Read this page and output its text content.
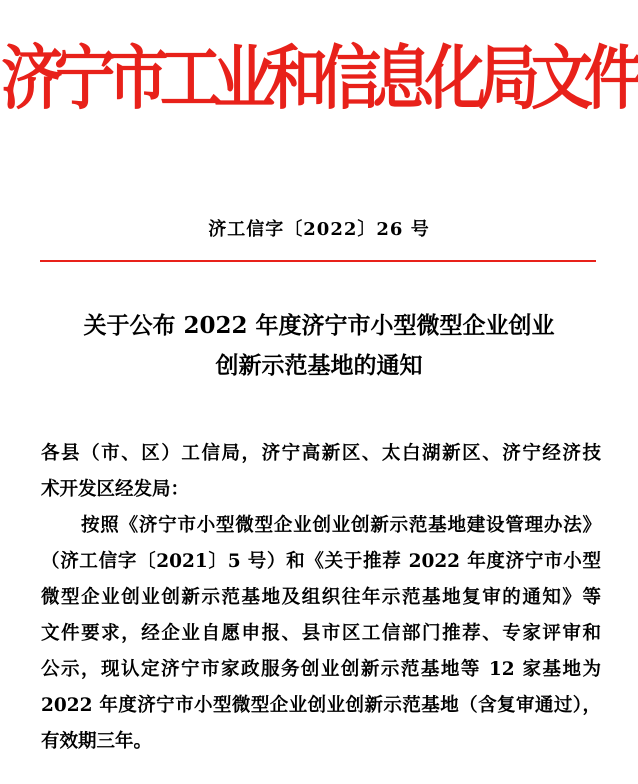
济宁市工业和信息化局文件
济工信字〔2022〕26 号
关于公布 2022 年度济宁市小型微型企业创业
创新示范基地的通知

各县（市、区）工信局，济宁高新区、太白湖新区、济宁经济技

术开发区经发局：

按照《济宁市小型微型企业创业创新示范基地建设管理办法》

（济工信字〔2021〕5 号）和《关于推荐 2022 年度济宁市小型

微型企业创业创新示范基地及组织往年示范基地复审的通知》等

文件要求，经企业自愿申报、县市区工信部门推荐、专家评审和

公示，现认定济宁市家政服务创业创新示范基地等 12 家基地为

2022 年度济宁市小型微型企业创业创新示范基地（含复审通过），

有效期三年。
